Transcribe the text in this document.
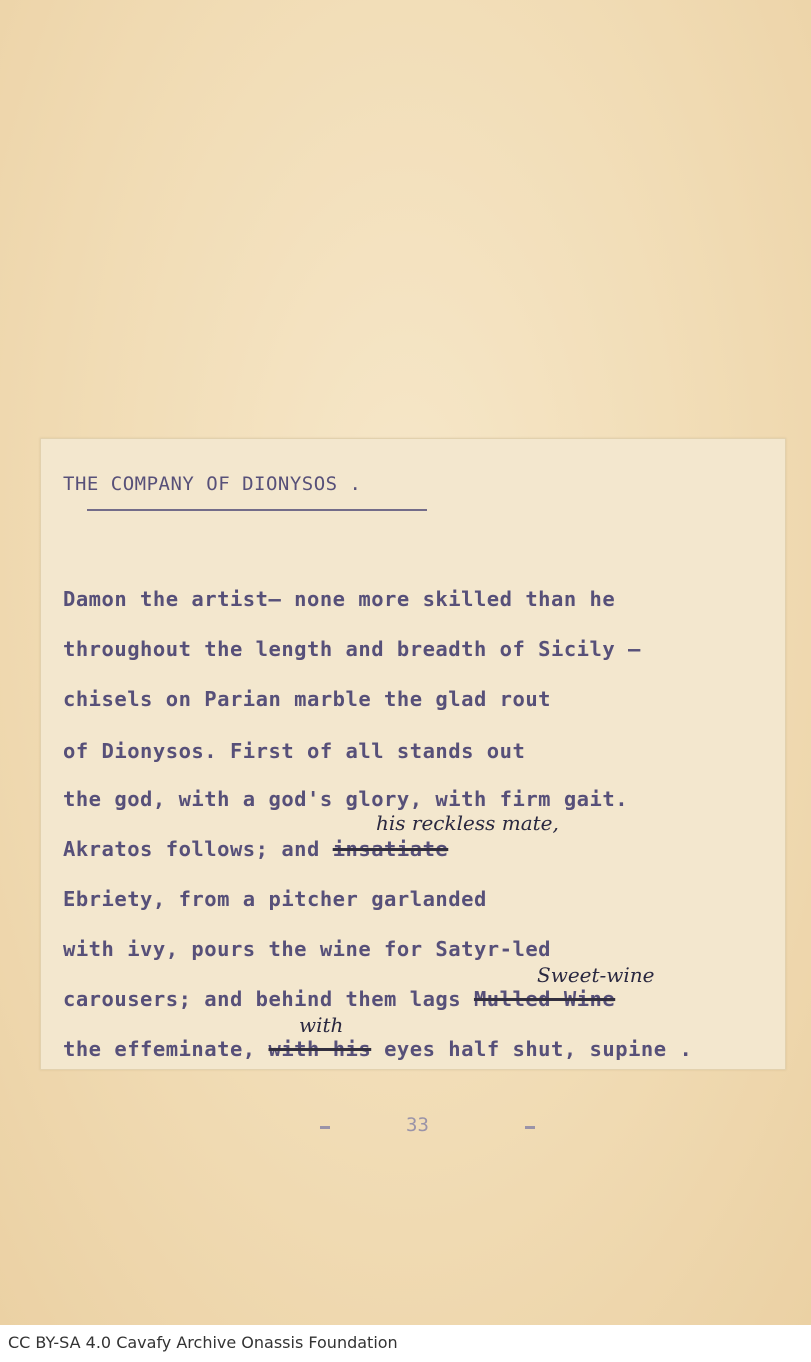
THE COMPANY OF DIONYSOS .
Damon the artist— none more skilled than he
throughout the length and breadth of Sicily —
chisels on Parian marble the glad rout
of Dionysos. First of all stands out
the god, with a god's glory, with firm gait.
Akratos follows; and insatiate
his reckless mate,
Ebriety, from a pitcher garlanded
with ivy, pours the wine for Satyr-led
carousers; and behind them lags Mulled Wine
Sweet-wine
the effeminate, with his eyes half shut, supine .
with
33
CC BY-SA 4.0 Cavafy Archive Onassis Foundation
